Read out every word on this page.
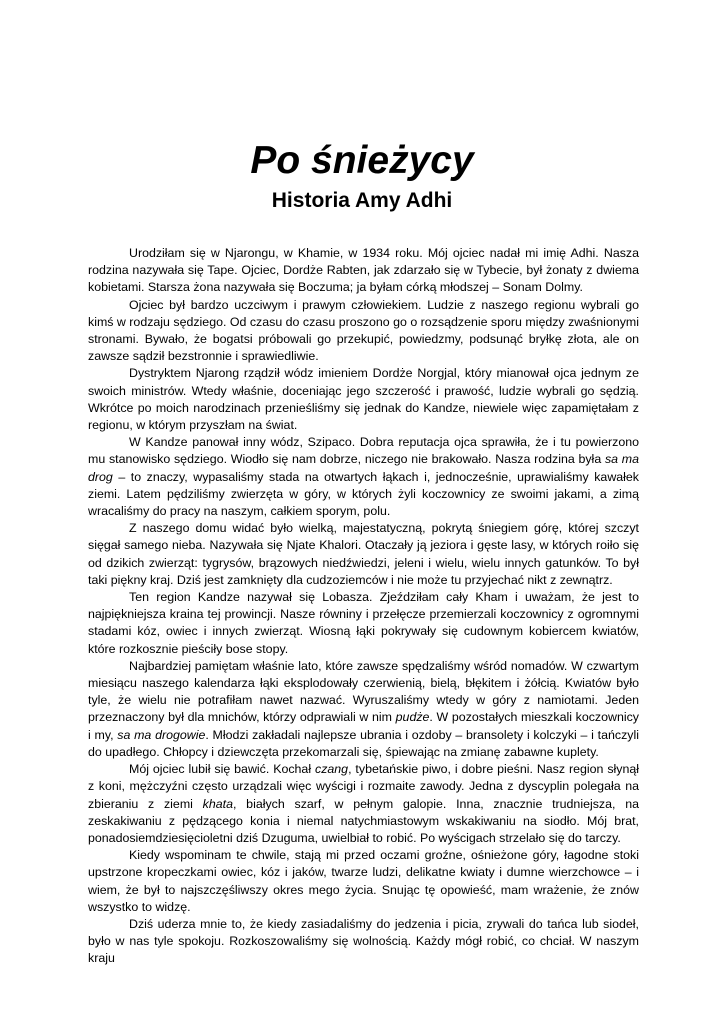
Po śnieżycy
Historia Amy Adhi

Urodziłam się w Njarongu, w Khamie, w 1934 roku. Mój ojciec nadał mi imię Adhi. Nasza rodzina nazywała się Tape. Ojciec, Dordże Rabten, jak zdarzało się w Tybecie, był żonaty z dwiema kobietami. Starsza żona nazywała się Boczuma; ja byłam córką młodszej – Sonam Dolmy.

Ojciec był bardzo uczciwym i prawym człowiekiem. Ludzie z naszego regionu wybrali go kimś w rodzaju sędziego. Od czasu do czasu proszono go o rozsądzenie sporu między zwaśnionymi stronami. Bywało, że bogatsi próbowali go przekupić, powiedzmy, podsunąć bryłkę złota, ale on zawsze sądził bezstronnie i sprawiedliwie.

Dystryktem Njarong rządził wódz imieniem Dordże Norgjal, który mianował ojca jednym ze swoich ministrów. Wtedy właśnie, doceniając jego szczerość i prawość, ludzie wybrali go sędzią. Wkrótce po moich narodzinach przenieśliśmy się jednak do Kandze, niewiele więc zapamiętałam z regionu, w którym przyszłam na świat.

W Kandze panował inny wódz, Szipaco. Dobra reputacja ojca sprawiła, że i tu powierzono mu stanowisko sędziego. Wiodło się nam dobrze, niczego nie brakowało. Nasza rodzina była sa ma drog – to znaczy, wypasaliśmy stada na otwartych łąkach i, jednocześnie, uprawialiśmy kawałek ziemi. Latem pędziliśmy zwierzęta w góry, w których żyli koczownicy ze swoimi jakami, a zimą wracaliśmy do pracy na naszym, całkiem sporym, polu.

Z naszego domu widać było wielką, majestatyczną, pokrytą śniegiem górę, której szczyt sięgał samego nieba. Nazywała się Njate Khalori. Otaczały ją jeziora i gęste lasy, w których roiło się od dzikich zwierząt: tygrysów, brązowych niedźwiedzi, jeleni i wielu, wielu innych gatunków. To był taki piękny kraj. Dziś jest zamknięty dla cudzoziemców i nie może tu przyjechać nikt z zewnątrz.

Ten region Kandze nazywał się Lobasza. Zjeździłam cały Kham i uważam, że jest to najpiękniejsza kraina tej prowincji. Nasze równiny i przełęcze przemierzali koczownicy z ogromnymi stadami kóz, owiec i innych zwierząt. Wiosną łąki pokrywały się cudownym kobiercem kwiatów, które rozkosznie pieściły bose stopy.

Najbardziej pamiętam właśnie lato, które zawsze spędzaliśmy wśród nomadów. W czwartym miesiącu naszego kalendarza łąki eksplodowały czerwienią, bielą, błękitem i żółcią. Kwiatów było tyle, że wielu nie potrafiłam nawet nazwać. Wyruszaliśmy wtedy w góry z namiotami. Jeden przeznaczony był dla mnichów, którzy odprawiali w nim pudże. W pozostałych mieszkali koczownicy i my, sa ma drogowie. Młodzi zakładali najlepsze ubrania i ozdoby – bransolety i kolczyki – i tańczyli do upadłego. Chłopcy i dziewczęta przekomarzali się, śpiewając na zmianę zabawne kuplety.

Mój ojciec lubił się bawić. Kochał czang, tybetańskie piwo, i dobre pieśni. Nasz region słynął z koni, mężczyźni często urządzali więc wyścigi i rozmaite zawody. Jedna z dyscyplin polegała na zbieraniu z ziemi khata, białych szarf, w pełnym galopie. Inna, znacznie trudniejsza, na zeskakiwaniu z pędzącego konia i niemal natychmiastowym wskakiwaniu na siodło. Mój brat, ponadosiemdziesięcioletni dziś Dzuguma, uwielbiał to robić. Po wyścigach strzelało się do tarczy.

Kiedy wspominam te chwile, stają mi przed oczami groźne, ośnieżone góry, łagodne stoki upstrzone kropeczkami owiec, kóz i jaków, twarze ludzi, delikatne kwiaty i dumne wierzchowce – i wiem, że był to najszczęśliwszy okres mego życia. Snując tę opowieść, mam wrażenie, że znów wszystko to widzę.

Dziś uderza mnie to, że kiedy zasiadaliśmy do jedzenia i picia, zrywali do tańca lub siodeł, było w nas tyle spokoju. Rozkoszowaliśmy się wolnością. Każdy mógł robić, co chciał. W naszym kraju
